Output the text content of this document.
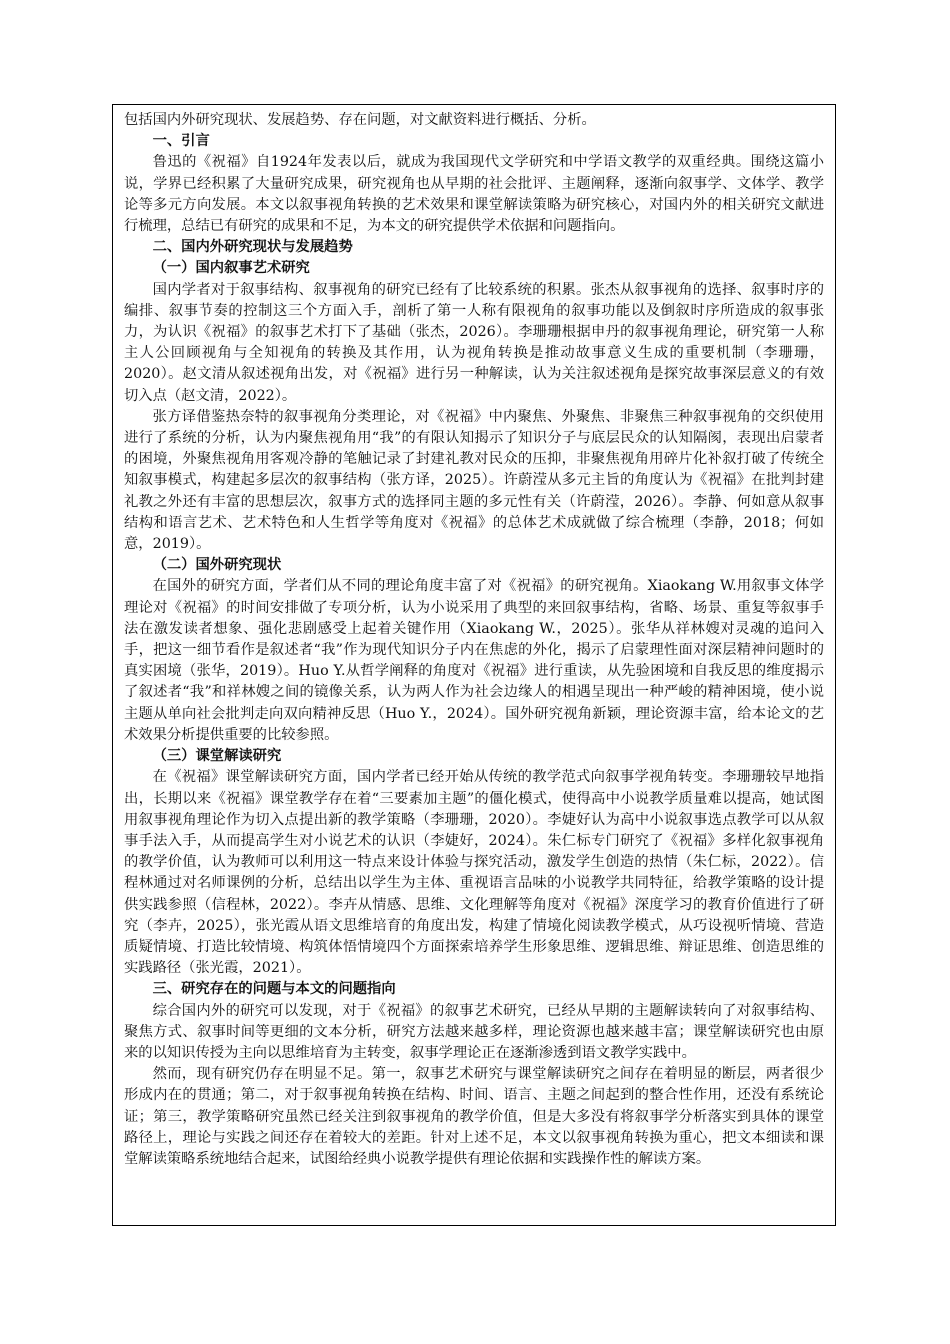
包括国内外研究现状、发展趋势、存在问题，对文献资料进行概括、分析。

一、引言

鲁迅的《祝福》自1924年发表以后，就成为我国现代文学研究和中学语文教学的双重经典。围绕这篇小说，学界已经积累了大量研究成果，研究视角也从早期的社会批评、主题阐释，逐渐向叙事学、文体学、教学论等多元方向发展。本文以叙事视角转换的艺术效果和课堂解读策略为研究核心，对国内外的相关研究文献进行梳理，总结已有研究的成果和不足，为本文的研究提供学术依据和问题指向。

二、国内外研究现状与发展趋势

（一）国内叙事艺术研究

国内学者对于叙事结构、叙事视角的研究已经有了比较系统的积累。张杰从叙事视角的选择、叙事时序的编排、叙事节奏的控制这三个方面入手，剖析了第一人称有限视角的叙事功能以及倒叙时序所造成的叙事张力，为认识《祝福》的叙事艺术打下了基础（张杰，2026）。李珊珊根据申丹的叙事视角理论，研究第一人称主人公回顾视角与全知视角的转换及其作用，认为视角转换是推动故事意义生成的重要机制（李珊珊，2020）。赵文清从叙述视角出发，对《祝福》进行另一种解读，认为关注叙述视角是探究故事深层意义的有效切入点（赵文清，2022）。

张方译借鉴热奈特的叙事视角分类理论，对《祝福》中内聚焦、外聚焦、非聚焦三种叙事视角的交织使用进行了系统的分析，认为内聚焦视角用“我”的有限认知揭示了知识分子与底层民众的认知隔阂，表现出启蒙者的困境，外聚焦视角用客观冷静的笔触记录了封建礼教对民众的压抑，非聚焦视角用碎片化补叙打破了传统全知叙事模式，构建起多层次的叙事结构（张方译，2025）。许蔚滢从多元主旨的角度认为《祝福》在批判封建礼教之外还有丰富的思想层次，叙事方式的选择同主题的多元性有关（许蔚滢，2026）。李静、何如意从叙事结构和语言艺术、艺术特色和人生哲学等角度对《祝福》的总体艺术成就做了综合梳理（李静，2018；何如意，2019）。

（二）国外研究现状

在国外的研究方面，学者们从不同的理论角度丰富了对《祝福》的研究视角。Xiaokang W.用叙事文体学理论对《祝福》的时间安排做了专项分析，认为小说采用了典型的来回叙事结构，省略、场景、重复等叙事手法在激发读者想象、强化悲剧感受上起着关键作用（Xiaokang W.，2025）。张华从祥林嫂对灵魂的追问入手，把这一细节看作是叙述者“我”作为现代知识分子内在焦虑的外化，揭示了启蒙理性面对深层精神问题时的真实困境（张华，2019）。Huo Y.从哲学阐释的角度对《祝福》进行重读，从先验困境和自我反思的维度揭示了叙述者“我”和祥林嫂之间的镜像关系，认为两人作为社会边缘人的相遇呈现出一种严峻的精神困境，使小说主题从单向社会批判走向双向精神反思（Huo Y.，2024）。国外研究视角新颖，理论资源丰富，给本论文的艺术效果分析提供重要的比较参照。

（三）课堂解读研究

在《祝福》课堂解读研究方面，国内学者已经开始从传统的教学范式向叙事学视角转变。李珊珊较早地指出，长期以来《祝福》课堂教学存在着“三要素加主题”的僵化模式，使得高中小说教学质量难以提高，她试图用叙事视角理论作为切入点提出新的教学策略（李珊珊，2020）。李婕好认为高中小说叙事选点教学可以从叙事手法入手，从而提高学生对小说艺术的认识（李婕好，2024）。朱仁标专门研究了《祝福》多样化叙事视角的教学价值，认为教师可以利用这一特点来设计体验与探究活动，激发学生创造的热情（朱仁标，2022）。信程林通过对名师课例的分析，总结出以学生为主体、重视语言品味的小说教学共同特征，给教学策略的设计提供实践参照（信程林，2022）。李卉从情感、思维、文化理解等角度对《祝福》深度学习的教育价值进行了研究（李卉，2025），张光霞从语文思维培育的角度出发，构建了情境化阅读教学模式，从巧设视听情境、营造质疑情境、打造比较情境、构筑体悟情境四个方面探索培养学生形象思维、逻辑思维、辩证思维、创造思维的实践路径（张光霞，2021）。

三、研究存在的问题与本文的问题指向

综合国内外的研究可以发现，对于《祝福》的叙事艺术研究，已经从早期的主题解读转向了对叙事结构、聚焦方式、叙事时间等更细的文本分析，研究方法越来越多样，理论资源也越来越丰富；课堂解读研究也由原来的以知识传授为主向以思维培育为主转变，叙事学理论正在逐渐渗透到语文教学实践中。

然而，现有研究仍存在明显不足。第一，叙事艺术研究与课堂解读研究之间存在着明显的断层，两者很少形成内在的贯通；第二，对于叙事视角转换在结构、时间、语言、主题之间起到的整合性作用，还没有系统论证；第三，教学策略研究虽然已经关注到叙事视角的教学价值，但是大多没有将叙事学分析落实到具体的课堂路径上，理论与实践之间还存在着较大的差距。针对上述不足，本文以叙事视角转换为重心，把文本细读和课堂解读策略系统地结合起来，试图给经典小说教学提供有理论依据和实践操作性的解读方案。
